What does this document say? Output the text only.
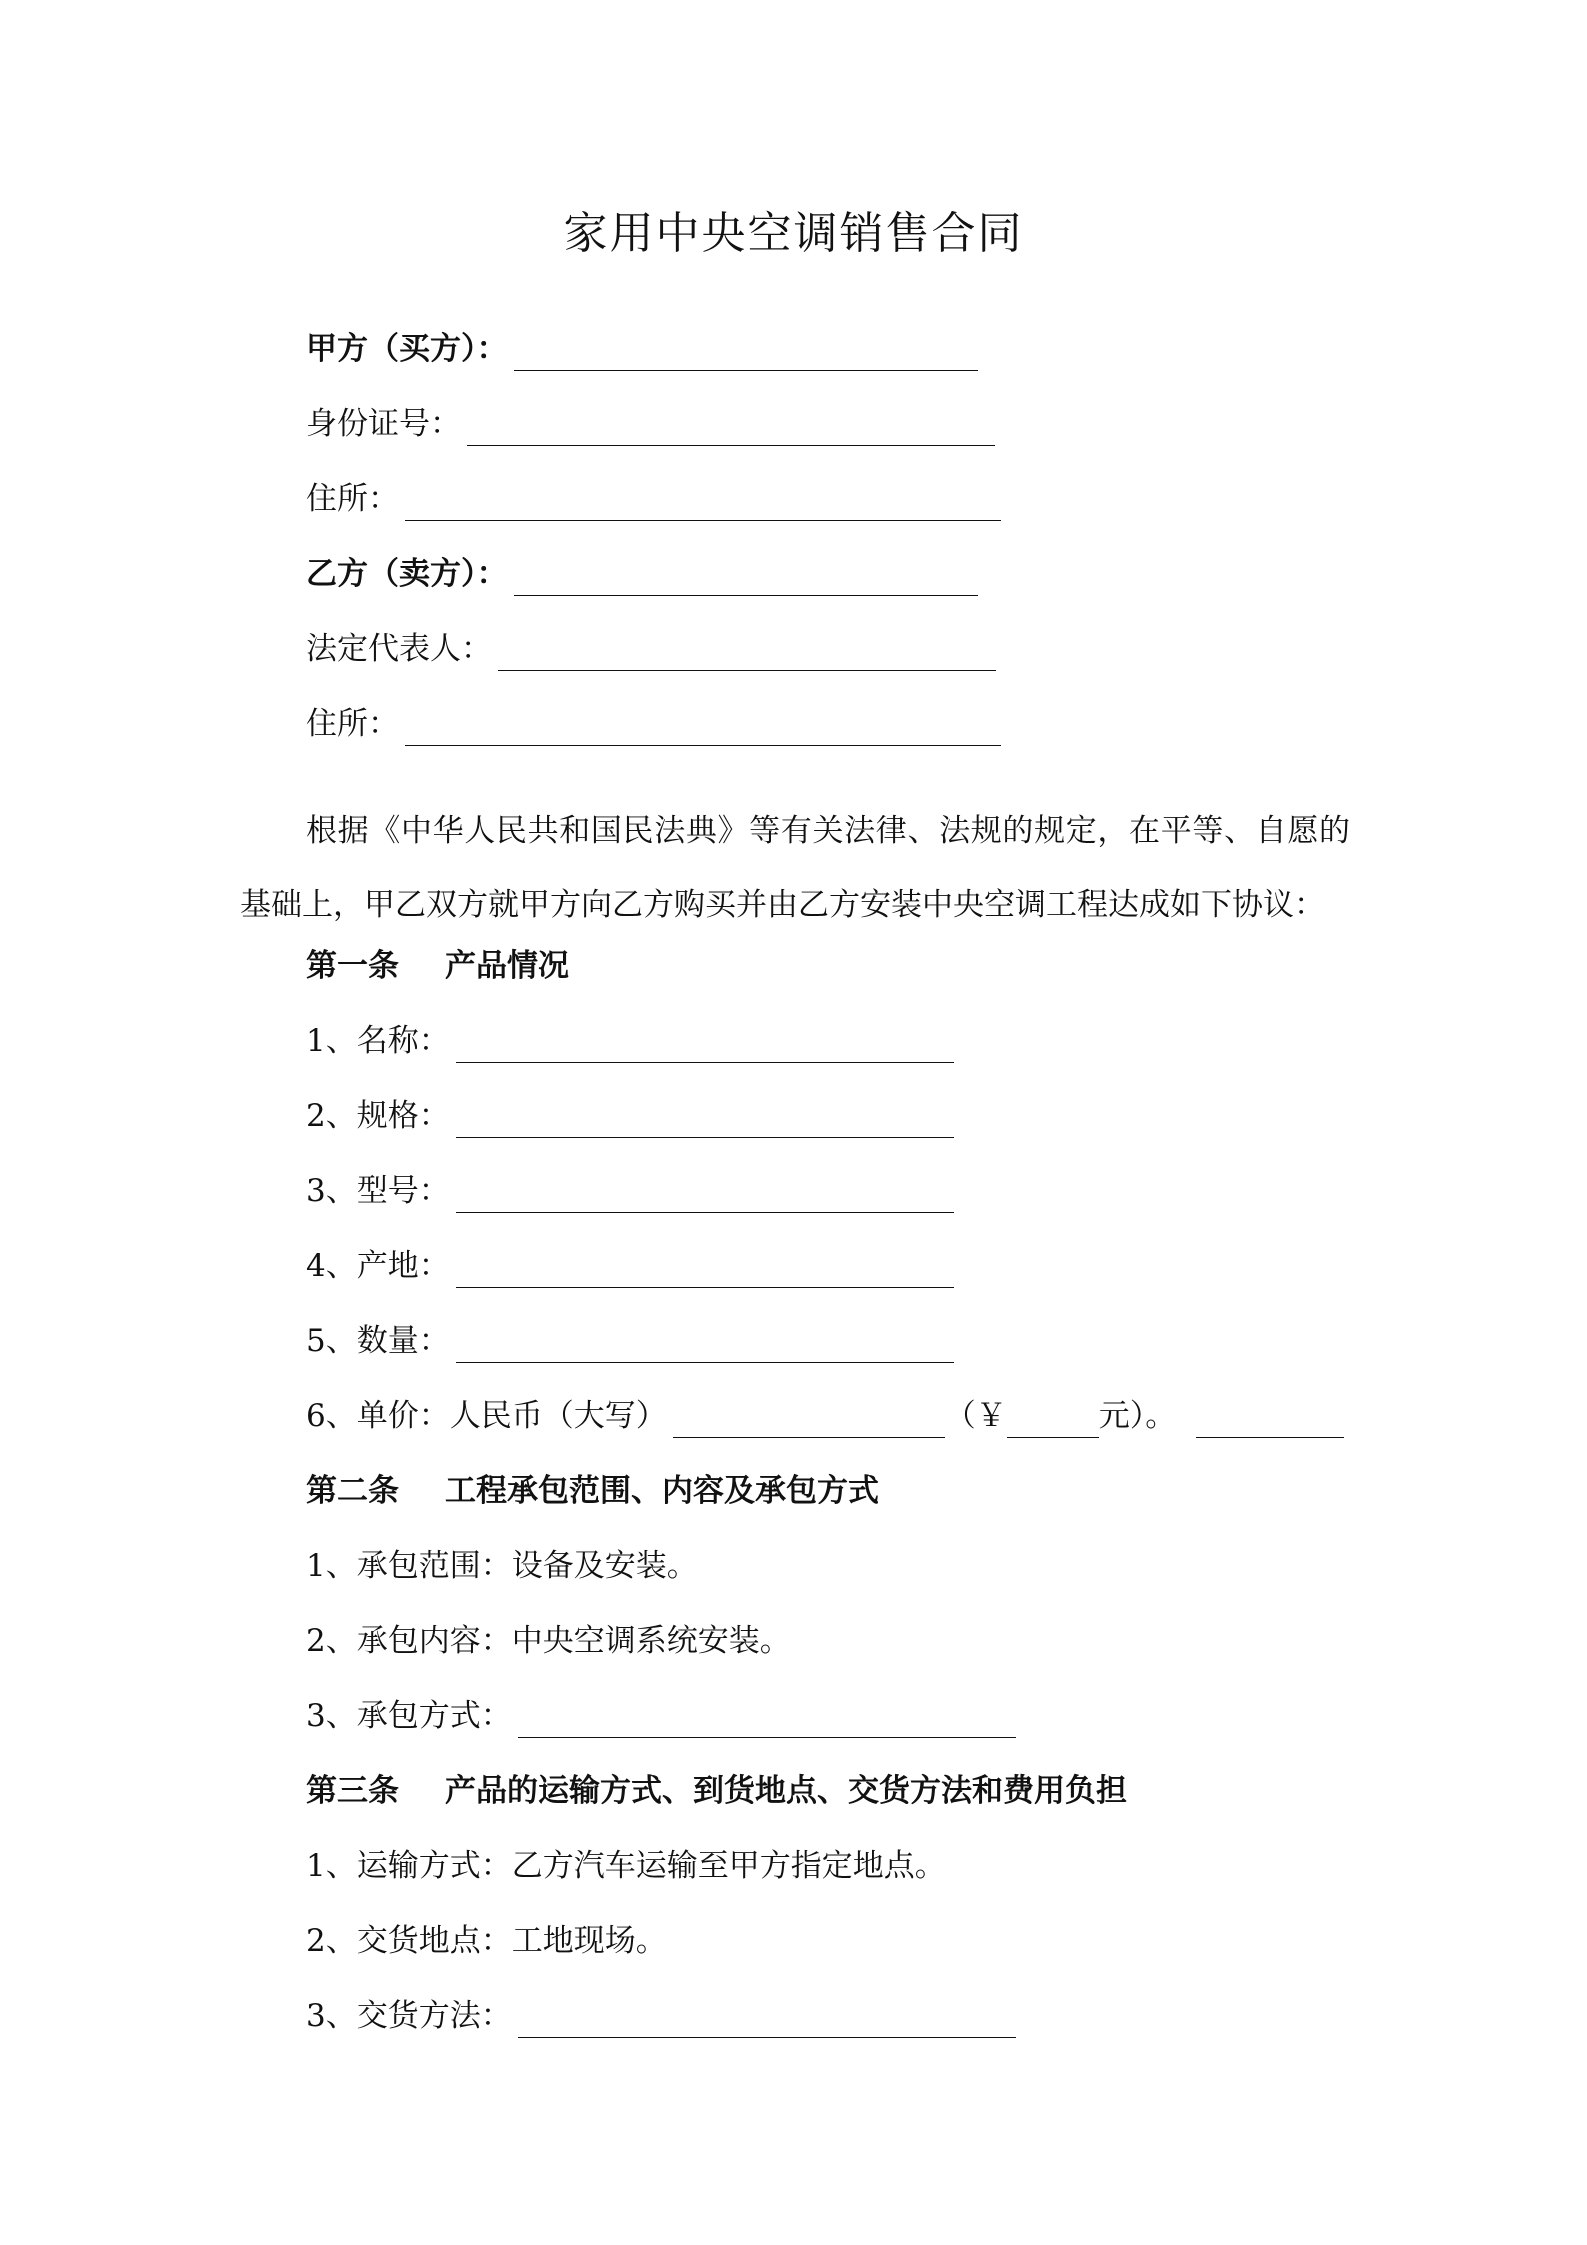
家用中央空调销售合同
甲方（买方）：
身份证号：
住所：
乙方（卖方）：
法定代表人：
住所：
根据《中华人民共和国民法典》等有关法律、法规的规定，在平等、自愿的基础上，甲乙双方就甲方向乙方购买并由乙方安装中央空调工程达成如下协议：
第一条 产品情况
1、名称：
2、规格：
3、型号：
4、产地：
5、数量：
6、单价：人民币（大写）	（￥	元）。
第二条 工程承包范围、内容及承包方式
1、承包范围：设备及安装。
2、承包内容：中央空调系统安装。
3、承包方式：
第三条 产品的运输方式、到货地点、交货方法和费用负担
1、运输方式：乙方汽车运输至甲方指定地点。
2、交货地点：工地现场。
3、交货方法：
